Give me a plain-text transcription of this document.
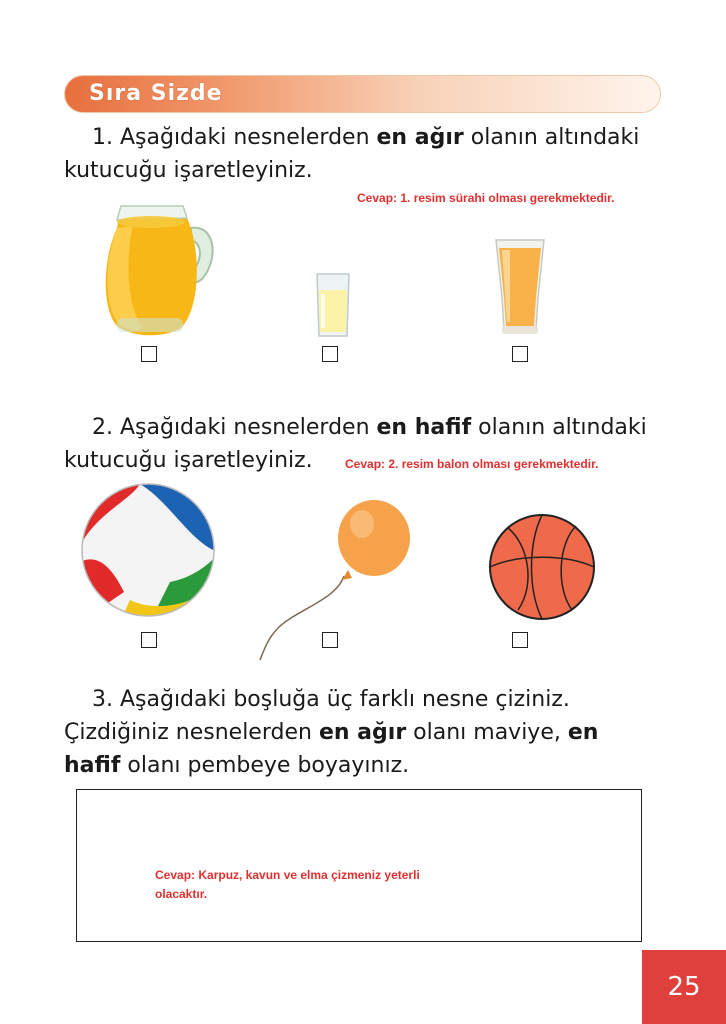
Sıra Sizde
1. Aşağıdaki nesnelerden en ağır olanın altındaki
kutucuğu işaretleyiniz.
Cevap: 1. resim sürahi olması gerekmektedir.
2. Aşağıdaki nesnelerden en hafif olanın altındaki
kutucuğu işaretleyiniz.	Cevap: 2. resim balon olması gerekmektedir.
3. Aşağıdaki boşluğa üç farklı nesne çiziniz.
Çizdiğiniz nesnelerden en ağır olanı maviye, en
hafif olanı pembeye boyayınız.
Cevap: Karpuz, kavun ve elma çizmeniz yeterli olacaktır.
25
